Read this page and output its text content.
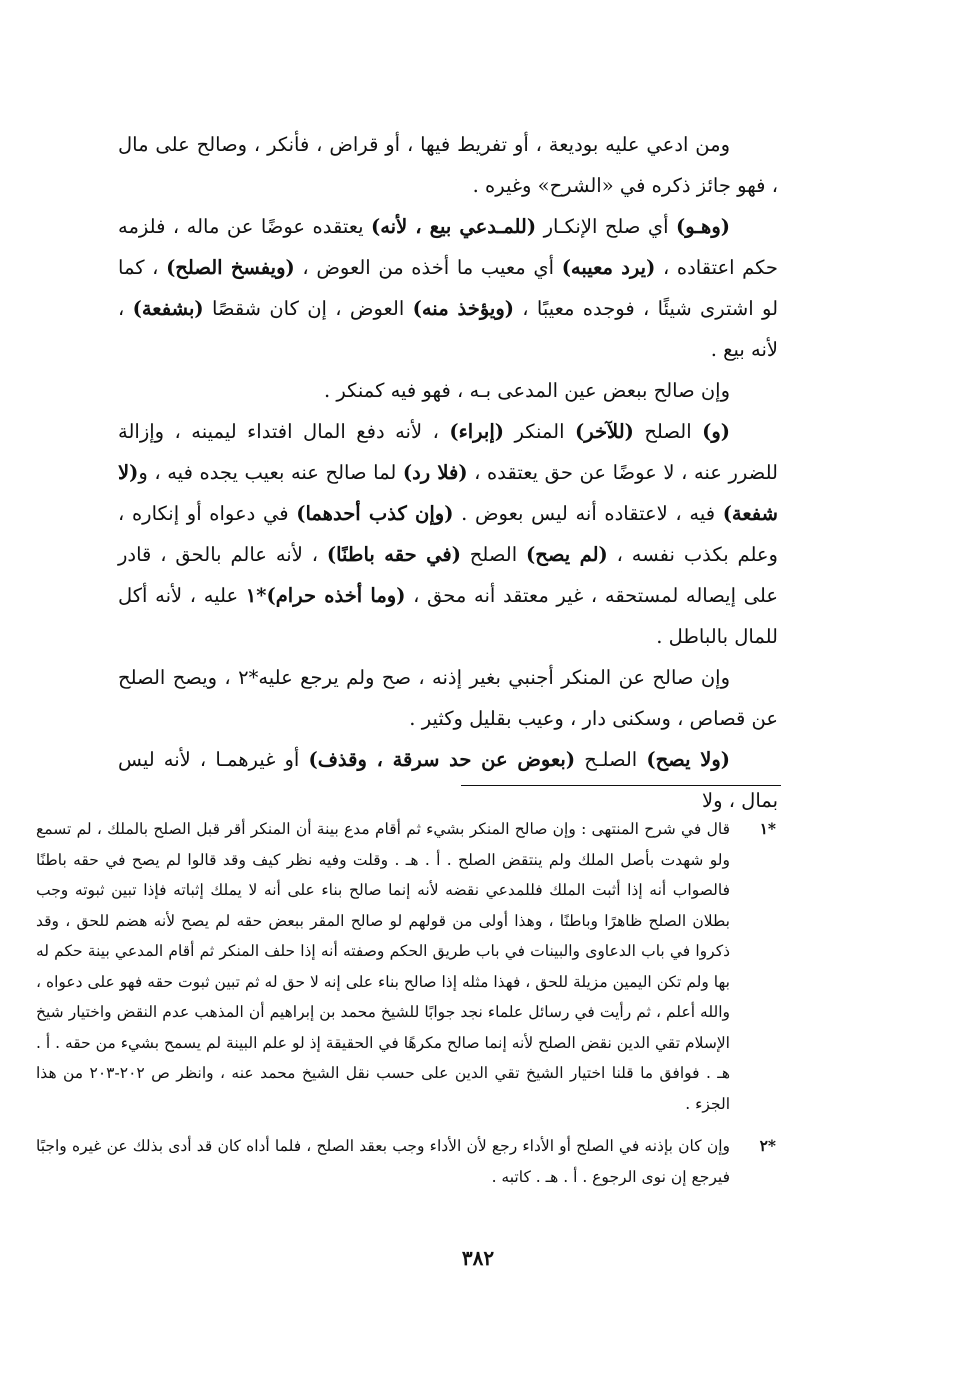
ومن ادعي عليه بوديعة ، أو تفريط فيها ، أو قراض ، فأنكر ، وصالح على مال ، فهو جائز ذكره في «الشرح» وغيره .

(وهـو) أي صلح الإنكـار (للمـدعي بيع ، لأنه) يعتقده عوضًا عن ماله ، فلزمه حكم اعتقاده ، (يرد معيبه) أي معيب ما أخذه من العوض ، (ويفسخ الصلح) ، كما لو اشترى شيئًا ، فوجده معيبًا ، (ويؤخذ منه) العوض ، إن كان شقصًا (بشفعة) ، لأنه بيع .

وإن صالح ببعض عين المدعى بـه ، فهو فيه كمنكر .

(و) الصلح (للآخر) المنكر (إبراء) ، لأنه دفع المال افتداء ليمينه ، وإزالة للضرر عنه ، لا عوضًا عن حق يعتقده ، (فلا رد) لما صالح عنه بعيب يجده فيه ، و(لا شفعة) فيه ، لاعتقاده أنه ليس بعوض . (وإن كذب أحدهما) في دعواه أو إنكاره ، وعلم بكذب نفسه ، (لم يصح) الصلح (في حقه باطنًا) ، لأنه عالم بالحق ، قادر على إيصاله لمستحقه ، غير معتقد أنه محق ، (وما أخذه حرام)*١ عليه ، لأنه أكل للمال بالباطل .

وإن صالح عن المنكر أجنبي بغير إذنه ، صح ولم يرجع عليه*٢ ، ويصح الصلح عن قصاص ، وسكنى دار ، وعيب بقليل وكثير .

(ولا يصح) الصلـح (بعوض عن حد سرقة ، وقذف) أو غيرهمـا ، لأنه ليس بمال ، ولا

*١
قال في شرح المنتهى : وإن صالح المنكر بشيء ثم أقام مدع بينة أن المنكر أقر قبل الصلح بالملك ، لم تسمع ولو شهدت بأصل الملك ولم ينتقض الصلح . أ . هـ . وقلت وفيه نظر كيف وقد قالوا لم يصح في حقه باطنًا فالصواب أنه إذا أثبت الملك فللمدعي نقضه لأنه إنما صالح بناء على أنه لا يملك إثباته فإذا تبين ثبوته وجب بطلان الصلح ظاهرًا وباطنًا ، وهذا أولى من قولهم لو صالح المقر ببعض حقه لم يصح لأنه هضم للحق ، وقد ذكروا في باب الدعاوى والبينات في باب طريق الحكم وصفته أنه إذا حلف المنكر ثم أقام المدعي بينة حكم له بها ولم تكن اليمين مزيلة للحق ، فهذا مثله إذا صالح بناء على إنه لا حق له ثم تبين ثبوت حقه فهو على دعواه ، والله أعلم ، ثم رأيت في رسائل علماء نجد جوابًا للشيخ محمد بن إبراهيم أن المذهب عدم النقض واختيار شيخ الإسلام تقي الدين نقض الصلح لأنه إنما صالح مكرهًا في الحقيقة إذ لو علم البينة لم يسمح بشيء من حقه . أ . هـ . فوافق ما قلنا اختيار الشيخ تقي الدين على حسب نقل الشيخ محمد عنه ، وانظر ص ٢٠٢-٢٠٣ من هذا الجزء .
*٢
وإن كان بإذنه في الصلح أو الأداء رجع لأن الأداء وجب بعقد الصلح ، فلما أداه كان قد أدى بذلك عن غيره واجبًا فيرجع إن نوى الرجوع . أ . هـ . كاتبه .
٣٨٢
